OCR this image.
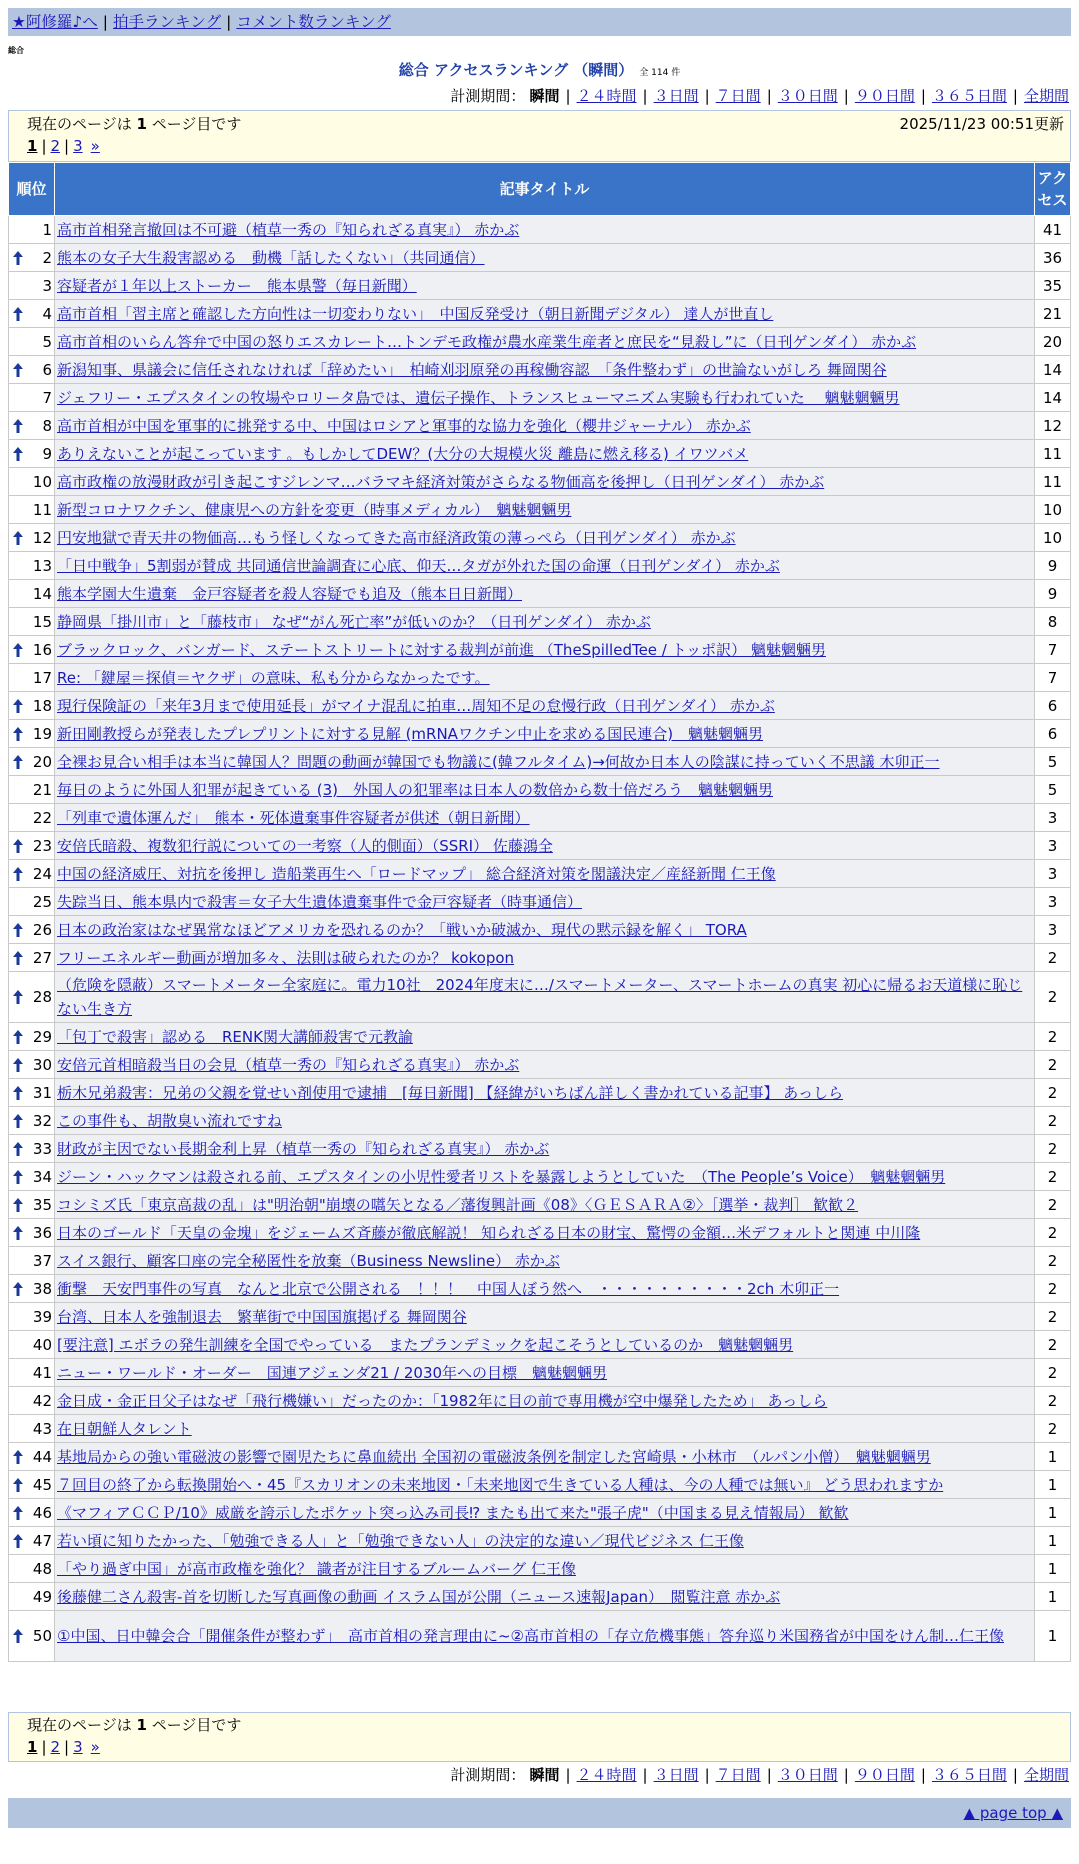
★阿修羅♪へ | 拍手ランキング | コメント数ランキング
総合
総合 アクセスランキング （瞬間） 全 114 件
計測期間： 瞬間 | ２４時間 | ３日間 | ７日間 | ３０日間 | ９０日間 | ３６５日間 | 全期間
現在のページは 1 ページ目です	2025/11/23 00:51更新
1 | 2 | 3 »
順位	記事タイトル	アクセス
1	高市首相発言撤回は不可避（植草一秀の『知られざる真実』） 赤かぶ	41

2	熊本の女子大生殺害認める　動機「話したくない」（共同通信）	36
3	容疑者が１年以上ストーカー　熊本県警（毎日新聞）	35

4	高市首相「習主席と確認した方向性は一切変わりない」　中国反発受け（朝日新聞デジタル） 達人が世直し	21
5	高市首相のいらん答弁で中国の怒りエスカレート…トンデモ政権が農水産業生産者と庶民を“見殺し”に（日刊ゲンダイ） 赤かぶ	20

6	新潟知事、県議会に信任されなければ「辞めたい」　柏崎刈羽原発の再稼働容認　「条件整わず」の世論ないがしろ 舞岡関谷	14
7	ジェフリー・エプスタインの牧場やロリータ島では、遺伝子操作、トランスヒューマニズム実験も行われていた　 魑魅魍魎男	14

8	高市首相が中国を軍事的に挑発する中、中国はロシアと軍事的な協力を強化（櫻井ジャーナル） 赤かぶ	12

9	ありえないことが起こっています 。もしかしてDEW？(大分の大規模火災 離島に燃え移る) イワツバメ	11
10	高市政権の放漫財政が引き起こすジレンマ…バラマキ経済対策がさらなる物価高を後押し（日刊ゲンダイ） 赤かぶ	11
11	新型コロナワクチン、健康児への方針を変更（時事メディカル）　魑魅魍魎男	10

12	円安地獄で青天井の物価高…もう怪しくなってきた高市経済政策の薄っぺら（日刊ゲンダイ） 赤かぶ	10
13	「日中戦争」5割弱が賛成 共同通信世論調査に心底、仰天…タガが外れた国の命運（日刊ゲンダイ） 赤かぶ	9
14	熊本学園大生遺棄　金戸容疑者を殺人容疑でも追及（熊本日日新聞）	9
15	静岡県「掛川市」と「藤枝市」 なぜ“がん死亡率”が低いのか？（日刊ゲンダイ） 赤かぶ	8

16	ブラックロック、バンガード、ステートストリートに対する裁判が前進 （TheSpilledTee / トッポ訳） 魑魅魍魎男	7
17	Re: 「鍵屋＝探偵＝ヤクザ」の意味、私も分からなかったです。	7

18	現行保険証の「来年3月まで使用延長」がマイナ混乱に拍車…周知不足の怠慢行政（日刊ゲンダイ） 赤かぶ	6

19	新田剛教授らが発表したプレプリントに対する見解 (mRNAワクチン中止を求める国民連合)　魑魅魍魎男	6

20	全裸お見合い相手は本当に韓国人？問題の動画が韓国でも物議に(韓フルタイム)→何故か日本人の陰謀に持っていく不思議 木卯正一	5
21	毎日のように外国人犯罪が起きている (3)　外国人の犯罪率は日本人の数倍から数十倍だろう　魑魅魍魎男	5
22	「列車で遺体運んだ」　熊本・死体遺棄事件容疑者が供述（朝日新聞）	3

23	安倍氏暗殺、複数犯行説についての一考察（人的側面）（SSRI） 佐藤鴻全	3

24	中国の経済威圧、対抗を後押し 造船業再生へ「ロードマップ」 総合経済対策を閣議決定／産経新聞 仁王像	3
25	失踪当日、熊本県内で殺害＝女子大生遺体遺棄事件で金戸容疑者（時事通信）	3

26	日本の政治家はなぜ異常なほどアメリカを恐れるのか？「戦いか破滅か、現代の黙示録を解く」 TORA	3

27	フリーエネルギー動画が増加多々、法則は破られたのか？ kokopon	2

28	（危険を隠蔽）スマートメーター全家庭に。電力10社　2024年度末に…/スマートメーター、スマートホームの真実 初心に帰るお天道様に恥じない生き方	2

29	「包丁で殺害」認める　RENK関大講師殺害で元教諭	2

30	安倍元首相暗殺当日の会見（植草一秀の『知られざる真実』） 赤かぶ	2

31	栃木兄弟殺害：兄弟の父親を覚せい剤使用で逮捕　[毎日新聞] 【経緯がいちばん詳しく書かれている記事】 あっしら	2

32	この事件も、胡散臭い流れですね	2

33	財政が主因でない長期金利上昇（植草一秀の『知られざる真実』） 赤かぶ	2

34	ジーン・ハックマンは殺される前、エプスタインの小児性愛者リストを暴露しようとしていた　（The People’s Voice）　魑魅魍魎男	2

35	コシミズ氏「東京高裁の乱」は"明治朝"崩壊の嚆矢となる／藩復興計画《08》〈ＧＥＳＡＲＡ②〉［選挙・裁判］ 歓歓２	2

36	日本のゴールド「天皇の金塊」をジェームズ斉藤が徹底解説！ 知られざる日本の財宝、驚愕の金額…米デフォルトと関連 中川隆	2
37	スイス銀行、顧客口座の完全秘匿性を放棄（Business Newsline） 赤かぶ	2

38	衝撃　天安門事件の写真　なんと北京で公開される　！！！　中国人ぼう然へ　・・・・・・・・・・2ch 木卯正一	2
39	台湾、日本人を強制退去　繁華街で中国国旗掲げる 舞岡関谷	2
40	[要注意] エボラの発生訓練を全国でやっている　またプランデミックを起こそうとしているのか　魑魅魍魎男	2
41	ニュー・ワールド・オーダー　国連アジェンダ21 / 2030年への目標　魑魅魍魎男	2
42	金日成・金正日父子はなぜ「飛行機嫌い」だったのか：「1982年に目の前で専用機が空中爆発したため」 あっしら	2
43	在日朝鮮人タレント	2

44	基地局からの強い電磁波の影響で園児たちに鼻血続出 全国初の電磁波条例を制定した宮崎県・小林市　（ルパン小僧）　魑魅魍魎男	1

45	７回目の終了から転換開始へ・45『スカリオンの未来地図・「未来地図で生きている人種は、今の人種では無い』 どう思われますか	1

46	《マフィアＣＣＰ/10》威厳を誇示したポケット突っ込み司長⁉ またも出て来た"張子虎"（中国まる見え情報局） 歓歓	1

47	若い頃に知りたかった、「勉強できる人」と「勉強できない人」の決定的な違い／現代ビジネス 仁王像	1
48	「やり過ぎ中国」が高市政権を強化？ 識者が注目するブルームバーグ 仁王像	1
49	後藤健二さん殺害-首を切断した写真画像の動画 イスラム国が公開（ニュース速報Japan）　閲覧注意 赤かぶ	1

50	①中国、日中韓会合「開催条件が整わず」　高市首相の発言理由に~②高市首相の「存立危機事態」答弁巡り米国務省が中国をけん制…仁王像	1
現在のページは 1 ページ目です
1 | 2 | 3 »
計測期間： 瞬間 | ２４時間 | ３日間 | ７日間 | ３０日間 | ９０日間 | ３６５日間 | 全期間
▲ page top ▲
